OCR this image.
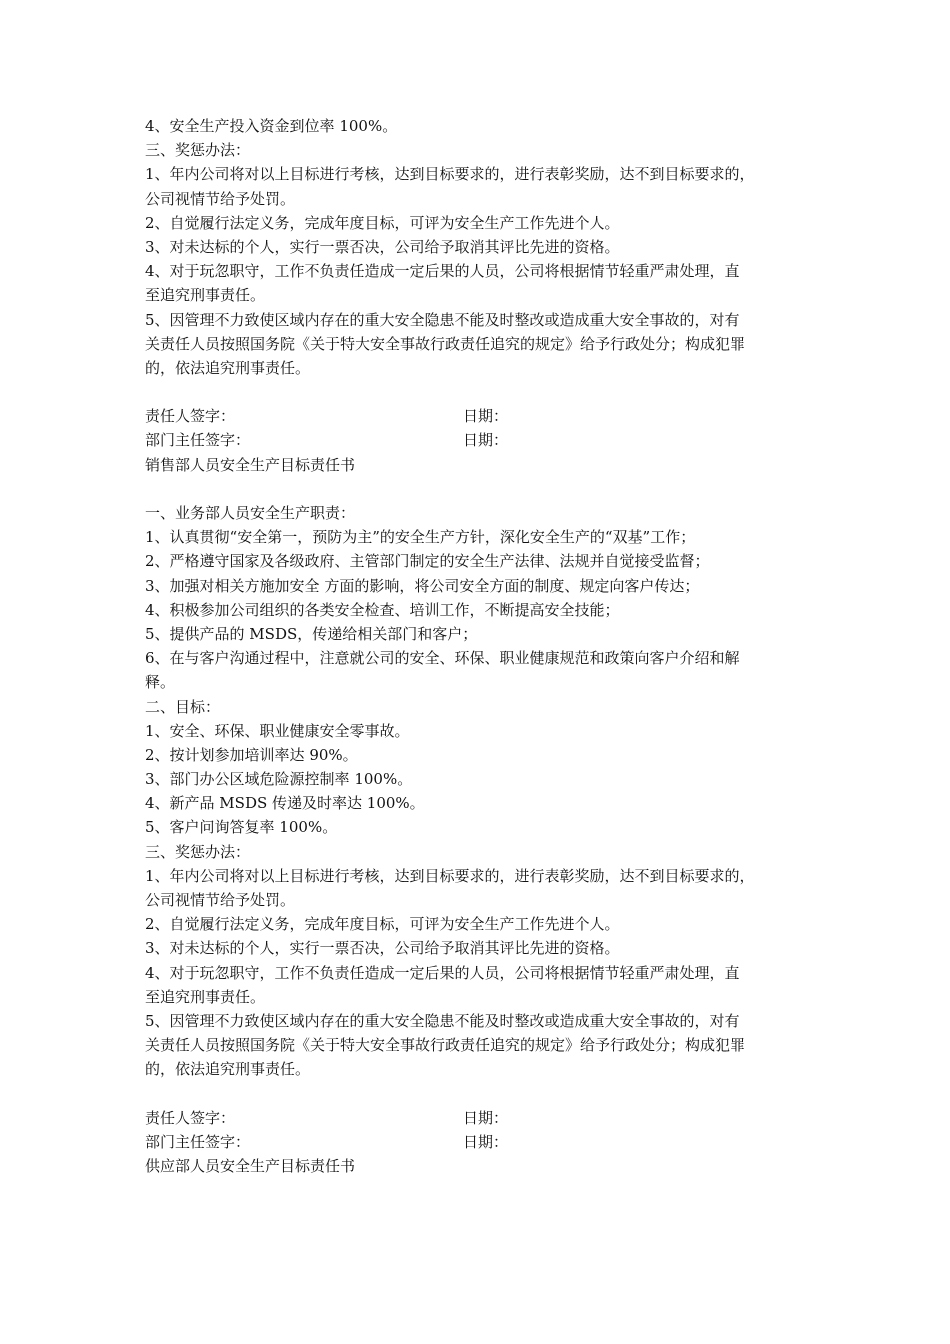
4、安全生产投入资金到位率 100%。
三、奖惩办法：
1、年内公司将对以上目标进行考核，达到目标要求的，进行表彰奖励，达不到目标要求的，
公司视情节给予处罚。
2、自觉履行法定义务，完成年度目标，可评为安全生产工作先进个人。
3、对未达标的个人，实行一票否决，公司给予取消其评比先进的资格。
4、对于玩忽职守，工作不负责任造成一定后果的人员，公司将根据情节轻重严肃处理，直
至追究刑事责任。
5、因管理不力致使区域内存在的重大安全隐患不能及时整改或造成重大安全事故的，对有
关责任人员按照国务院《关于特大安全事故行政责任追究的规定》给予行政处分；构成犯罪
的，依法追究刑事责任。
责任人签字：	日期：
部门主任签字：	日期：
销售部人员安全生产目标责任书
一、业务部人员安全生产职责：
1、认真贯彻“安全第一，预防为主”的安全生产方针，深化安全生产的“双基”工作；
2、严格遵守国家及各级政府、主管部门制定的安全生产法律、法规并自觉接受监督；
3、加强对相关方施加安全 方面的影响，将公司安全方面的制度、规定向客户传达；
4、积极参加公司组织的各类安全检查、培训工作，不断提高安全技能；
5、提供产品的 MSDS，传递给相关部门和客户；
6、在与客户沟通过程中，注意就公司的安全、环保、职业健康规范和政策向客户介绍和解
释。
二、目标：
1、安全、环保、职业健康安全零事故。
2、按计划参加培训率达 90%。
3、部门办公区域危险源控制率 100%。
4、新产品 MSDS 传递及时率达 100%。
5、客户问询答复率 100%。
三、奖惩办法：
1、年内公司将对以上目标进行考核，达到目标要求的，进行表彰奖励，达不到目标要求的，
公司视情节给予处罚。
2、自觉履行法定义务，完成年度目标，可评为安全生产工作先进个人。
3、对未达标的个人，实行一票否决，公司给予取消其评比先进的资格。
4、对于玩忽职守，工作不负责任造成一定后果的人员，公司将根据情节轻重严肃处理，直
至追究刑事责任。
5、因管理不力致使区域内存在的重大安全隐患不能及时整改或造成重大安全事故的，对有
关责任人员按照国务院《关于特大安全事故行政责任追究的规定》给予行政处分；构成犯罪
的，依法追究刑事责任。
责任人签字：	日期：
部门主任签字：	日期：
供应部人员安全生产目标责任书
